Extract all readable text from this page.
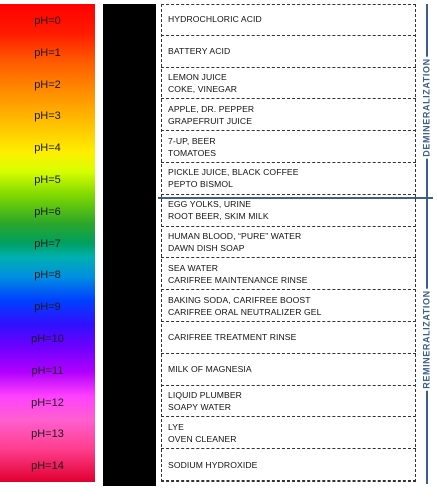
pH=0
pH=1
pH=2
pH=3
pH=4
pH=5
pH=6
pH=7
pH=8
pH=9
pH=10
pH=11
pH=12
pH=13
pH=14
HYDROCHLORIC ACID
BATTERY ACID
LEMON JUICE
COKE, VINEGAR
APPLE, DR. PEPPER
GRAPEFRUIT JUICE
7-UP, BEER
TOMATOES
PICKLE JUICE, BLACK COFFEE
PEPTO BISMOL
EGG YOLKS, URINE
ROOT BEER, SKIM MILK
HUMAN BLOOD, “PURE” WATER
DAWN DISH SOAP
SEA WATER
CARIFREE MAINTENANCE RINSE
BAKING SODA, CARIFREE BOOST
CARIFREE ORAL NEUTRALIZER GEL
CARIFREE TREATMENT RINSE
MILK OF MAGNESIA
LIQUID PLUMBER
SOAPY WATER
LYE
OVEN CLEANER
SODIUM HYDROXIDE
DEMINERALIZATION
REMINERALIZATION
